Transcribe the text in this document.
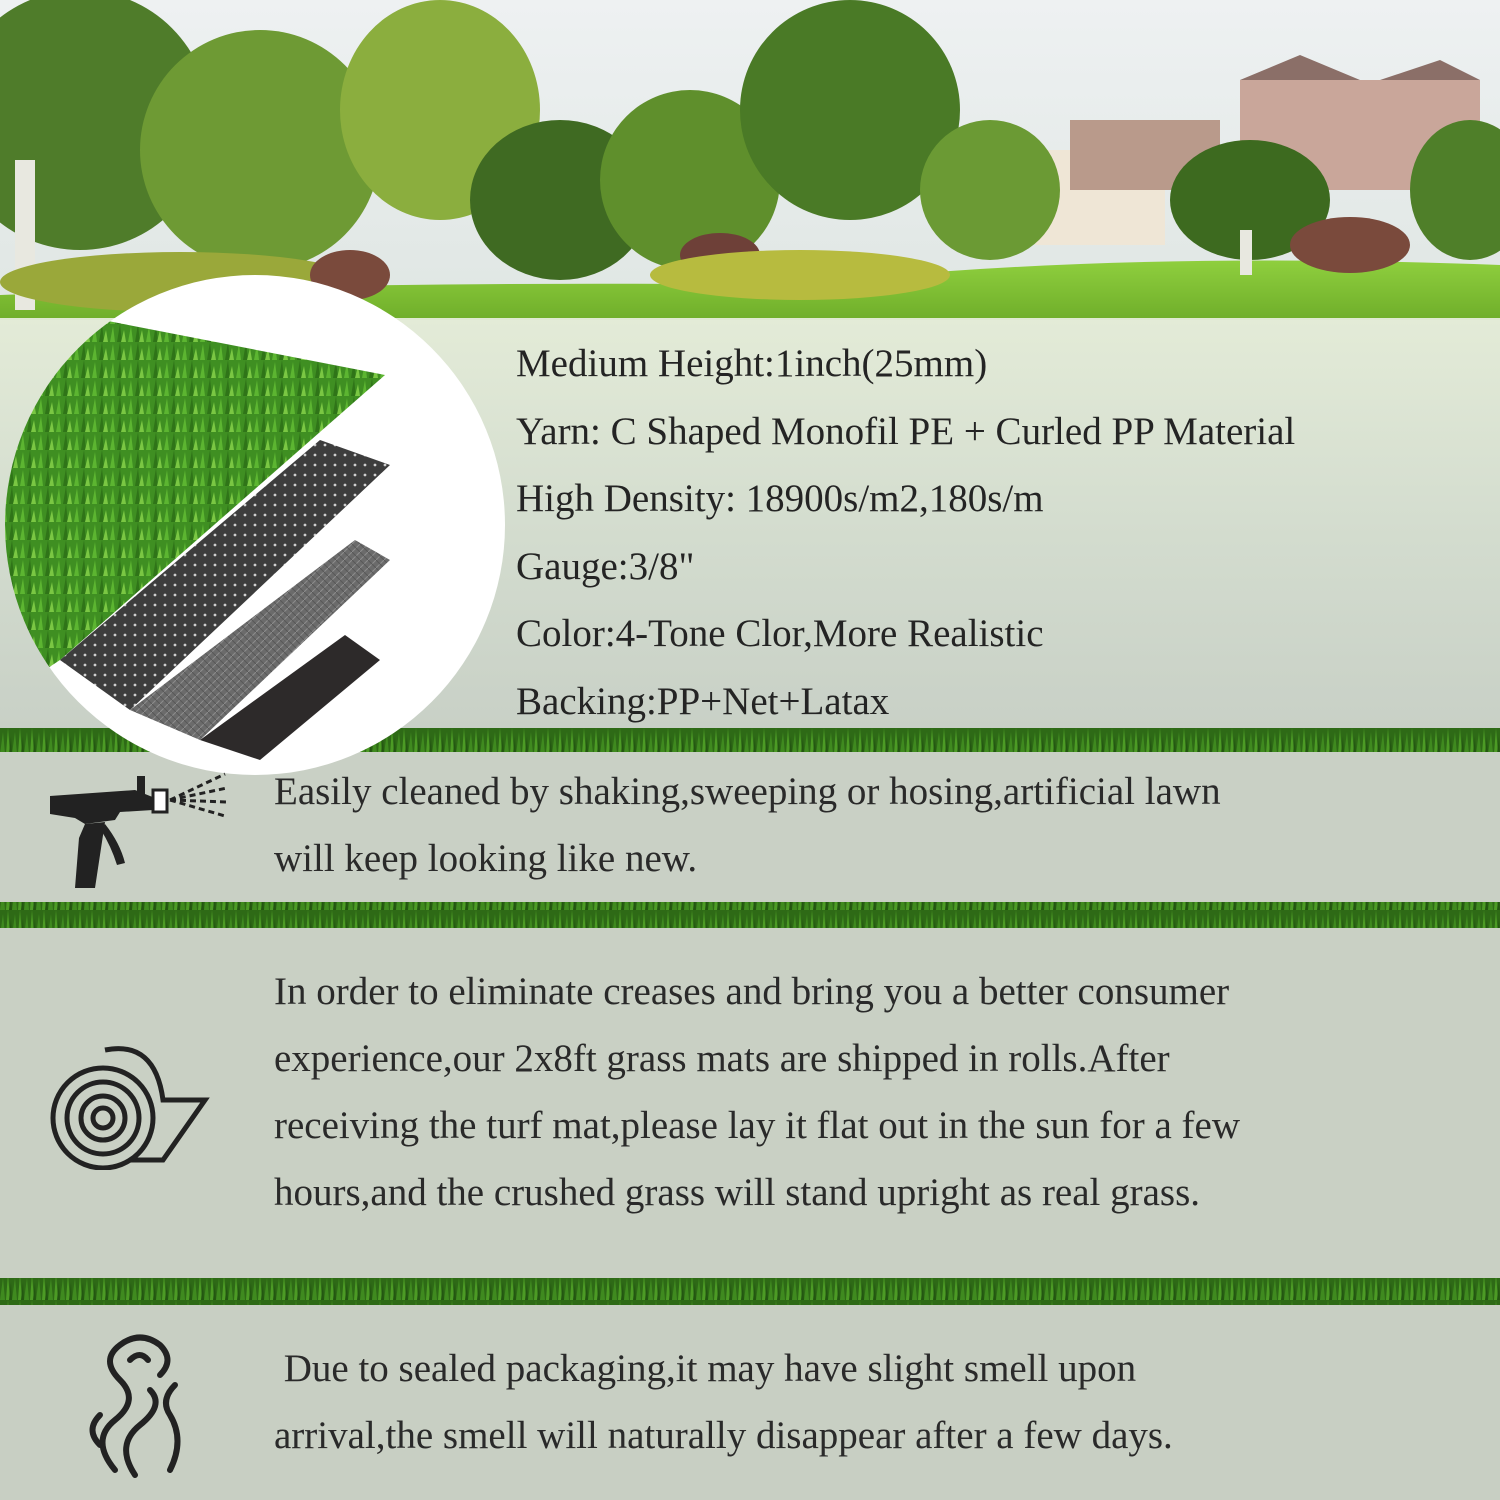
Medium Height:1inch(25mm)
Yarn: C Shaped Monofil PE + Curled PP Material
High Density: 18900s/m2,180s/m
Gauge:3/8"
Color:4-Tone Clor,More Realistic
Backing:PP+Net+Latax
Easily cleaned by shaking,sweeping or hosing,artificial lawn
will keep looking like new.
In order to eliminate creases and bring you a better consumer
experience,our 2x8ft grass mats are shipped in rolls.After
receiving the turf mat,please lay it flat out in the sun for a few
hours,and the crushed grass will stand upright as real grass.
Due to sealed packaging,it may have slight smell upon
arrival,the smell will naturally disappear after a few days.
